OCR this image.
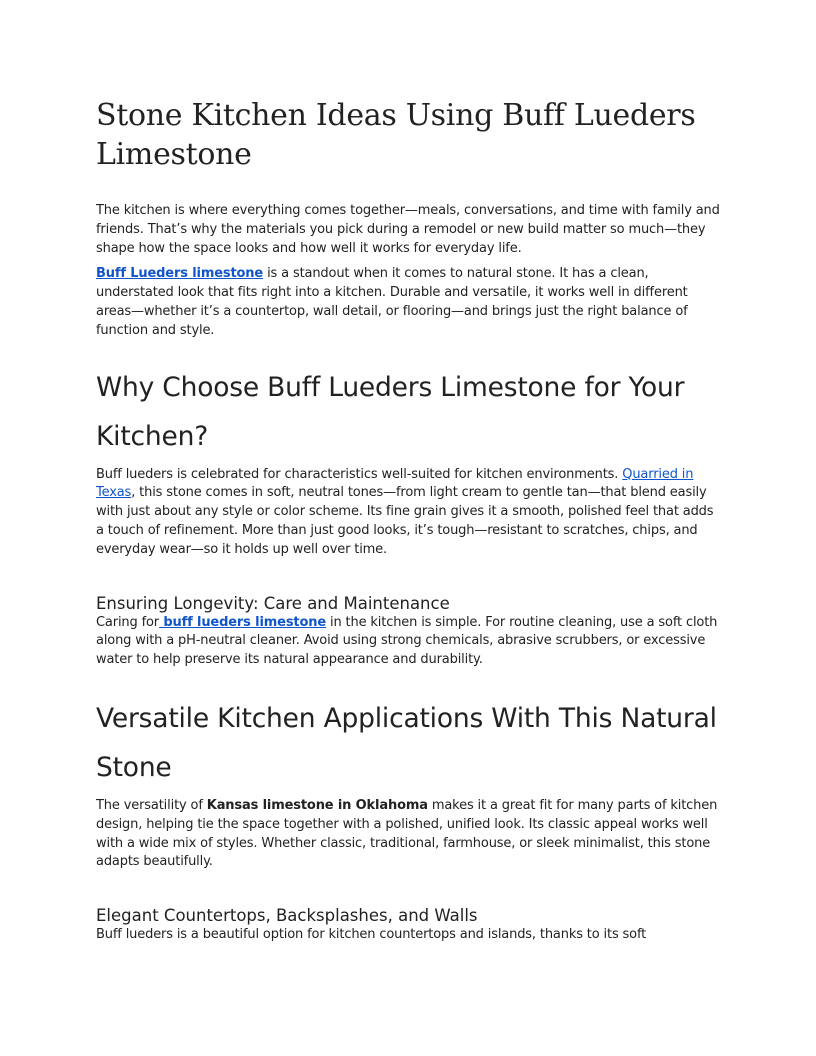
Stone Kitchen Ideas Using Buff Lueders Limestone

The kitchen is where everything comes together—meals, conversations, and time with family and friends. That’s why the materials you pick during a remodel or new build matter so much—they shape how the space looks and how well it works for everyday life.

Buff Lueders limestone is a standout when it comes to natural stone. It has a clean, understated look that fits right into a kitchen. Durable and versatile, it works well in different areas—whether it’s a countertop, wall detail, or flooring—and brings just the right balance of function and style.

Why Choose Buff Lueders Limestone for Your Kitchen?

Buff lueders is celebrated for characteristics well-suited for kitchen environments. Quarried in Texas, this stone comes in soft, neutral tones—from light cream to gentle tan—that blend easily with just about any style or color scheme. Its fine grain gives it a smooth, polished feel that adds a touch of refinement. More than just good looks, it’s tough—resistant to scratches, chips, and everyday wear—so it holds up well over time.

Ensuring Longevity: Care and Maintenance

Caring for buff lueders limestone in the kitchen is simple. For routine cleaning, use a soft cloth along with a pH-neutral cleaner. Avoid using strong chemicals, abrasive scrubbers, or excessive water to help preserve its natural appearance and durability.

Versatile Kitchen Applications With This Natural Stone

The versatility of Kansas limestone in Oklahoma makes it a great fit for many parts of kitchen design, helping tie the space together with a polished, unified look. Its classic appeal works well with a wide mix of styles. Whether classic, traditional, farmhouse, or sleek minimalist, this stone adapts beautifully.

Elegant Countertops, Backsplashes, and Walls

Buff lueders is a beautiful option for kitchen countertops and islands, thanks to its soft
